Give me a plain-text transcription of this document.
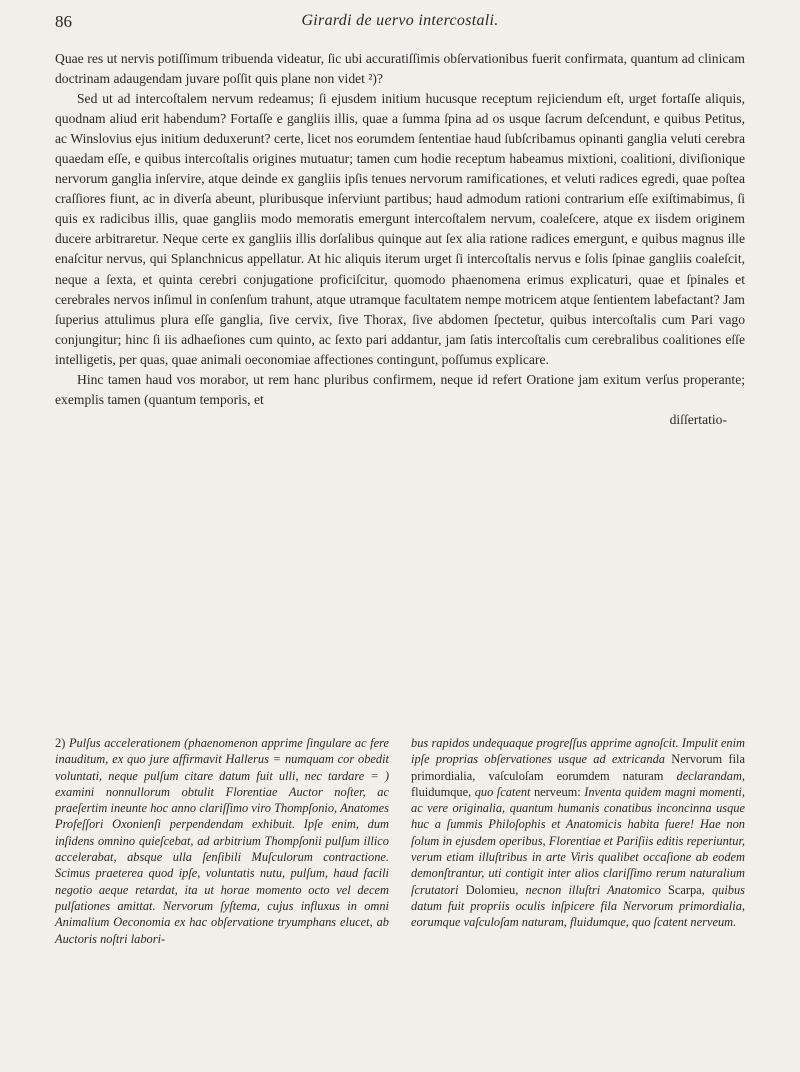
86	Girardi de uervo intercostali.

Quae res ut nervis potiſſimum tribuenda videatur, ſic ubi accuratiſſimis obſervationibus fuerit confirmata, quantum ad clinicam doctrinam adaugendam juvare poſſit quis plane non videt ²)?

Sed ut ad intercoſtalem nervum redeamus; ſi ejusdem initium hucusque receptum rejiciendum eſt, urget fortaſſe aliquis, quodnam aliud erit habendum? Fortaſſe e gangliis illis, quae a ſumma ſpina ad os usque ſacrum deſcendunt, e quibus Petitus, ac Winslovius ejus initium deduxerunt? certe, licet nos eorumdem ſententiae haud ſubſcribamus opinanti ganglia veluti cerebra quaedam eſſe, e quibus intercoſtalis origines mutuatur; tamen cum hodie receptum habeamus mixtioni, coalitioni, diviſionique nervorum ganglia inſervire, atque deinde ex gangliis ipſis tenues nervorum ramificationes, et veluti radices egredi, quae poſtea craſſiores fiunt, ac in diverſa abeunt, pluribusque inſerviunt partibus; haud admodum rationi contrarium eſſe exiſtimabimus, ſi quis ex radicibus illis, quae gangliis modo memoratis emergunt intercoſtalem nervum, coaleſcere, atque ex iisdem originem ducere arbitraretur. Neque certe ex gangliis illis dorſalibus quinque aut ſex alia ratione radices emergunt, e quibus magnus ille enaſcitur nervus, qui Splanchnicus appellatur. At hic aliquis iterum urget ſi intercoſtalis nervus e ſolis ſpinae gangliis coaleſcit, neque a ſexta, et quinta cerebri conjugatione proficiſcitur, quomodo phaenomena erimus explicaturi, quae et ſpinales et cerebrales nervos inſimul in conſenſum trahunt, atque utramque facultatem nempe motricem atque ſentientem labefactant? Jam ſuperius attulimus plura eſſe ganglia, ſive cervix, ſive Thorax, ſive abdomen ſpectetur, quibus intercoſtalis cum Pari vago conjungitur; hinc ſi iis adhaeſiones cum quinto, ac ſexto pari addantur, jam ſatis intercoſtalis cum cerebralibus coalitiones eſſe intelligetis, per quas, quae animali oeconomiae affectiones contingunt, poſſumus explicare.

Hinc tamen haud vos morabor, ut rem hanc pluribus confirmem, neque id refert Oratione jam exitum verſus properante; exemplis tamen (quantum temporis, et

diſſertatio-

2) Pulſus accelerationem (phaenomenon apprime ſingulare ac fere inauditum, ex quo jure affirmavit Hallerus = numquam cor obedit voluntati, neque pulſum citare datum fuit ulli, nec tardare = ) examini nonnullorum obtulit Florentiae Auctor noſter, ac praeſertim ineunte hoc anno clariſſimo viro Thompſonio, Anatomes Profeſſori Oxonienſi perpendendam exhibuit. Ipſe enim, dum inſidens omnino quieſcebat, ad arbitrium Thompſonii pulſum illico accelerabat, absque ulla ſenſibili Muſculorum contractione. Scimus praeterea quod ipſe, voluntatis nutu, pulſum, haud facili negotio aeque retardat, ita ut horae momento octo vel decem pulſationes amittat. Nervorum ſyſtema, cujus influxus in omni Animalium Oeconomia ex hac obſervatione tryumphans elucet, ab Auctoris noſtri labori-
bus rapidos undequaque progreſſus apprime agnoſcit. Impulit enim ipſe proprias obſervationes usque ad extricanda Nervorum fila primordialia, vaſculoſam eorumdem naturam declarandam, fluidumque, quo ſcatent nerveum: Inventa quidem magni momenti, ac vere originalia, quantum humanis conatibus inconcinna usque huc a ſummis Philoſophis et Anatomicis habita fuere! Hae non ſolum in ejusdem operibus, Florentiae et Pariſiis editis reperiuntur, verum etiam illuſtribus in arte Viris qualibet occaſione ab eodem demonſtrantur, uti contigit inter alios clariſſimo rerum naturalium ſcrutatori Dolomieu, necnon illuſtri Anatomico Scarpa, quibus datum fuit propriis oculis inſpicere fila Nervorum primordialia, eorumque vaſculoſam naturam, fluidumque, quo ſcatent nerveum.
